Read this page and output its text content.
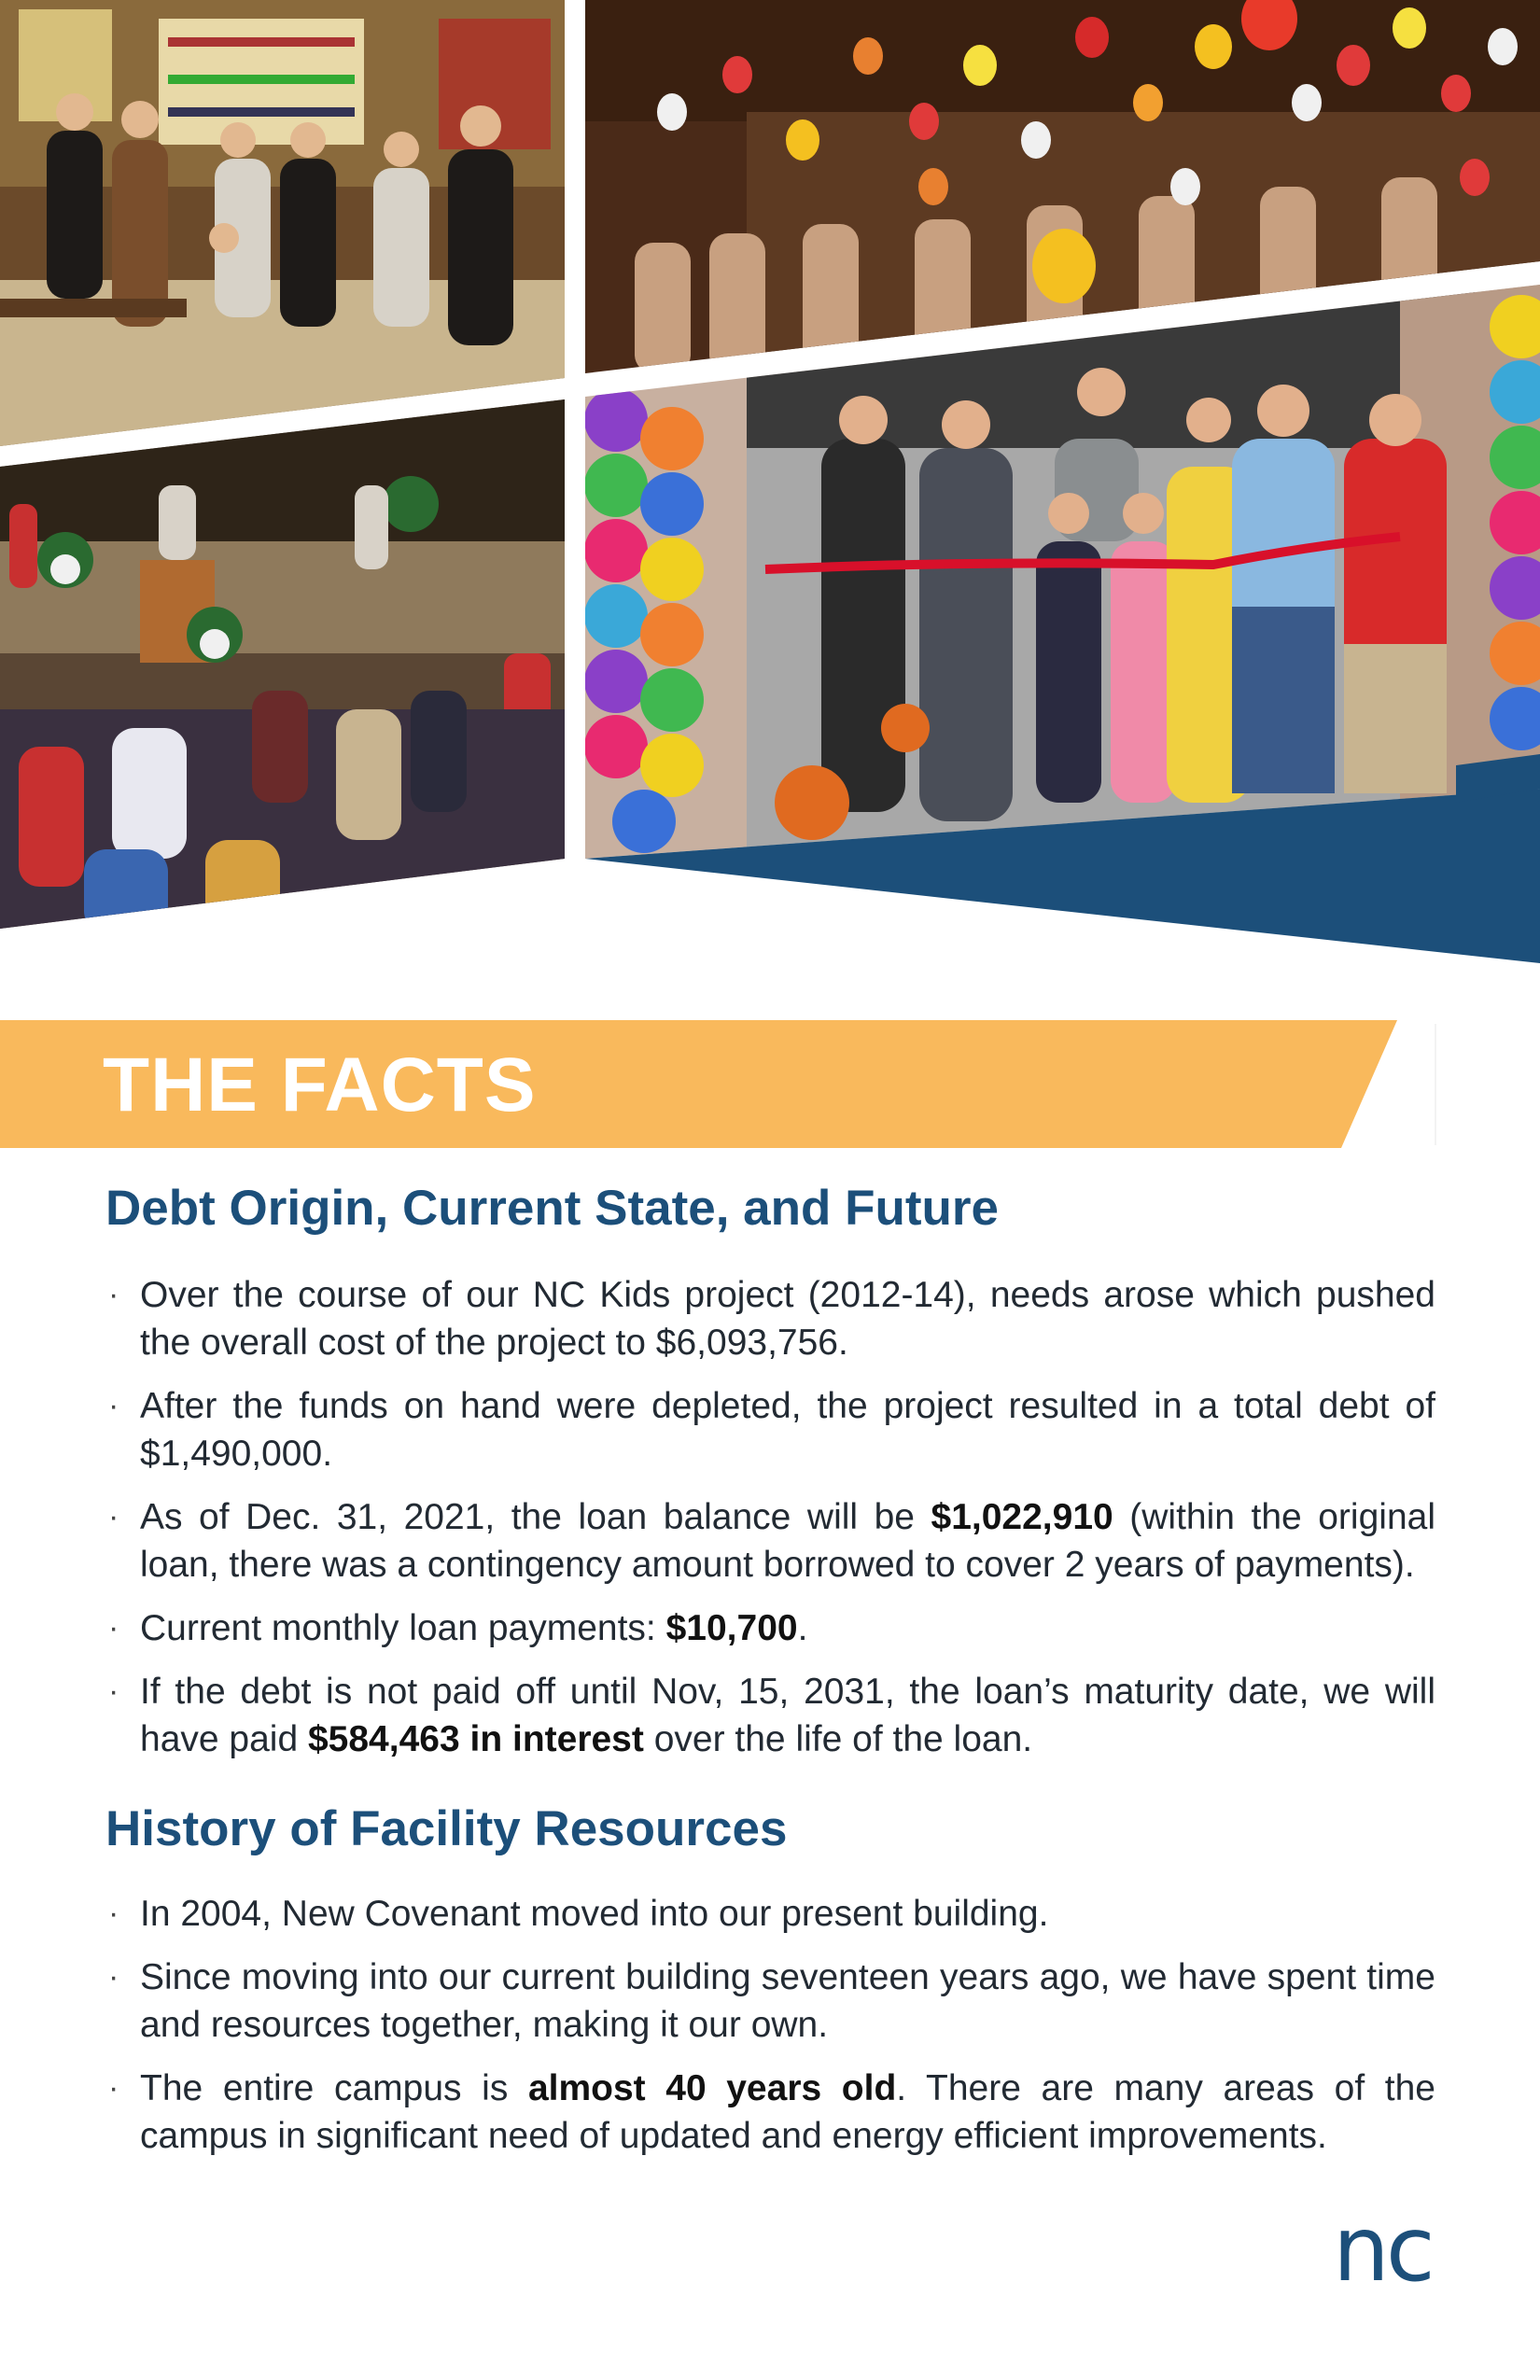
THE FACTS
Debt Origin, Current State, and Future
· Over the course of our NC Kids project (2012-14), needs arose which pushed the overall cost of the project to $6,093,756.
· After the funds on hand were depleted, the project resulted in a total debt of $1,490,000.
· As of Dec. 31, 2021, the loan balance will be $1,022,910 (within the original loan, there was a contingency amount borrowed to cover 2 years of payments).
· Current monthly loan payments: $10,700.
· If the debt is not paid off until Nov, 15, 2031, the loan’s maturity date, we will have paid $584,463 in interest over the life of the loan.
History of Facility Resources
· In 2004, New Covenant moved into our present building.
· Since moving into our current building seventeen years ago, we have spent time and resources together, making it our own.
· The entire campus is almost 40 years old. There are many areas of the campus in significant need of updated and energy efficient improvements.
nc
